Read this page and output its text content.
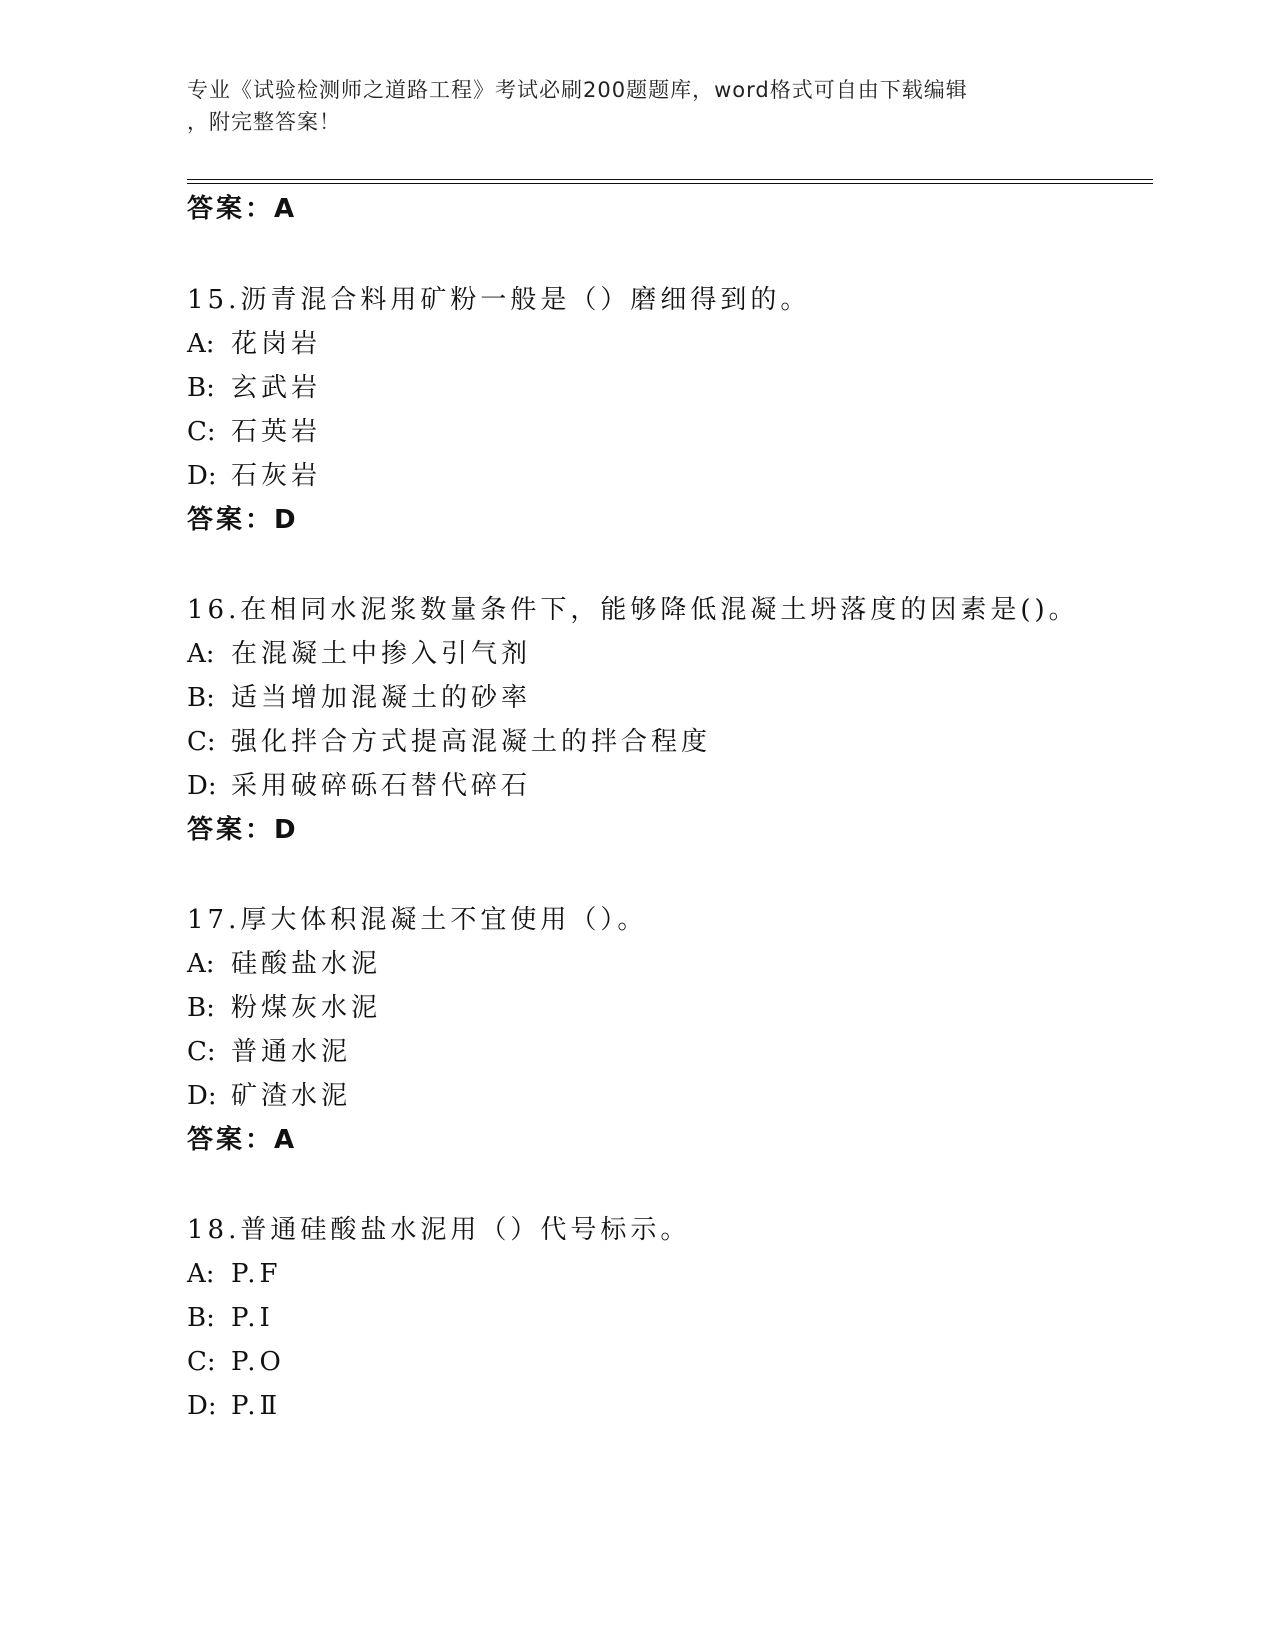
专业《试验检测师之道路工程》考试必刷200题题库，word格式可自由下载编辑
，附完整答案！
答案：A
15.沥青混合料用矿粉一般是（）磨细得到的。
A: 花岗岩
B: 玄武岩
C: 石英岩
D: 石灰岩
答案：D
16.在相同水泥浆数量条件下，能够降低混凝土坍落度的因素是()。
A: 在混凝土中掺入引气剂
B: 适当增加混凝土的砂率
C: 强化拌合方式提高混凝土的拌合程度
D: 采用破碎砾石替代碎石
答案：D
17.厚大体积混凝土不宜使用（）。
A: 硅酸盐水泥
B: 粉煤灰水泥
C: 普通水泥
D: 矿渣水泥
答案：A
18.普通硅酸盐水泥用（）代号标示。
A: P.F
B: P.I
C: P.O
D: P.Ⅱ
